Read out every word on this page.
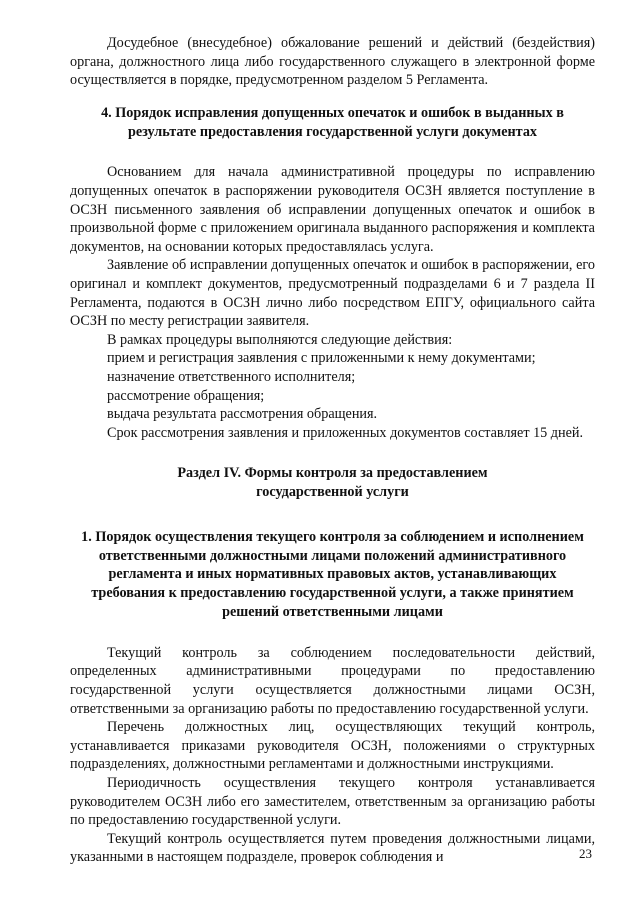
Досудебное (внесудебное) обжалование решений и действий (бездействия) органа, должностного лица либо государственного служащего в электронной форме осуществляется в порядке, предусмотренном разделом 5 Регламента.

4. Порядок исправления допущенных опечаток и ошибок в выданных в результате предоставления государственной услуги документах

Основанием для начала административной процедуры по исправлению допущенных опечаток в распоряжении руководителя ОСЗН является поступление в ОСЗН письменного заявления об исправлении допущенных опечаток и ошибок в произвольной форме с приложением оригинала выданного распоряжения и комплекта документов, на основании которых предоставлялась услуга.

Заявление об исправлении допущенных опечаток и ошибок в распоряжении, его оригинал и комплект документов, предусмотренный подразделами 6 и 7 раздела II Регламента, подаются в ОСЗН лично либо посредством ЕПГУ, официального сайта ОСЗН по месту регистрации заявителя.

В рамках процедуры выполняются следующие действия:

прием и регистрация заявления с приложенными к нему документами;

назначение ответственного исполнителя;

рассмотрение обращения;

выдача результата рассмотрения обращения.

Срок рассмотрения заявления и приложенных документов составляет 15 дней.

Раздел IV. Формы контроля за предоставлением

государственной услуги

1. Порядок осуществления текущего контроля за соблюдением и исполнением ответственными должностными лицами положений административного регламента и иных нормативных правовых актов, устанавливающих требования к предоставлению государственной услуги, а также принятием решений ответственными лицами

Текущий контроль за соблюдением последовательности действий, определенных административными процедурами по предоставлению государственной услуги осуществляется должностными лицами ОСЗН, ответственными за организацию работы по предоставлению государственной услуги.

Перечень должностных лиц, осуществляющих текущий контроль, устанавливается приказами руководителя ОСЗН, положениями о структурных подразделениях, должностными регламентами и должностными инструкциями.

Периодичность осуществления текущего контроля устанавливается руководителем ОСЗН либо его заместителем, ответственным за организацию работы по предоставлению государственной услуги.

Текущий контроль осуществляется путем проведения должностными лицами, указанными в настоящем подразделе, проверок соблюдения и	23
